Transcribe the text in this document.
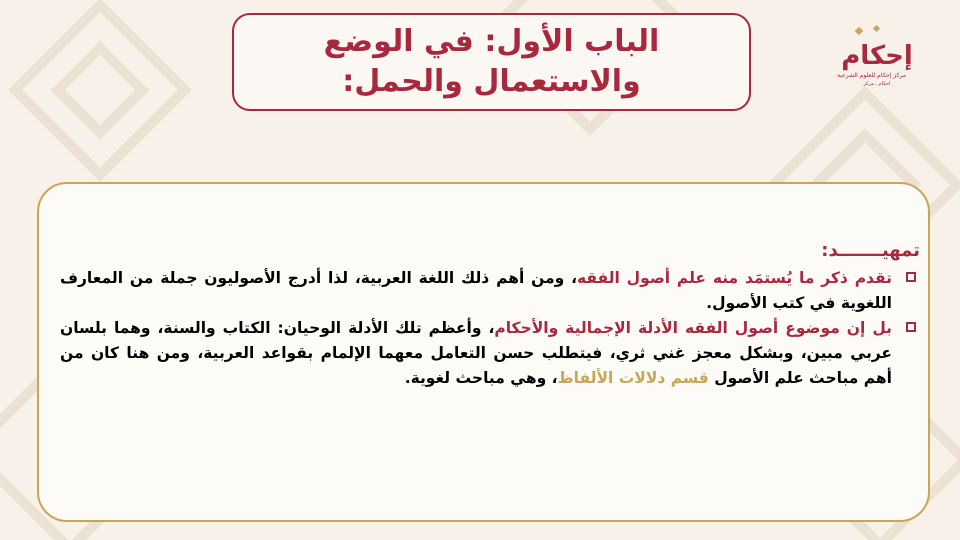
الباب الأول: في الوضع
والاستعمال والحمل:
إحكام
مركز إحكام للعلوم الشرعية
احكام ـ مركز
تمهيـــــــد:
تقدم ذكر ما يُستمَد منه علم أصول الفقه، ومن أهم ذلك اللغة العربية، لذا أدرج الأصوليون جملة من المعارف اللغوية في كتب الأصول.
بل إن موضوع أصول الفقه الأدلة الإجمالية والأحكام، وأعظم تلك الأدلة الوحيان: الكتاب والسنة، وهما بلسان عربي مبين، وبشكل معجز غني ثري، فيتطلب حسن التعامل معهما الإلمام بقواعد العربية، ومن هنا كان من أهم مباحث علم الأصول قسم دلالات الألفاظ، وهي مباحث لغوية.
